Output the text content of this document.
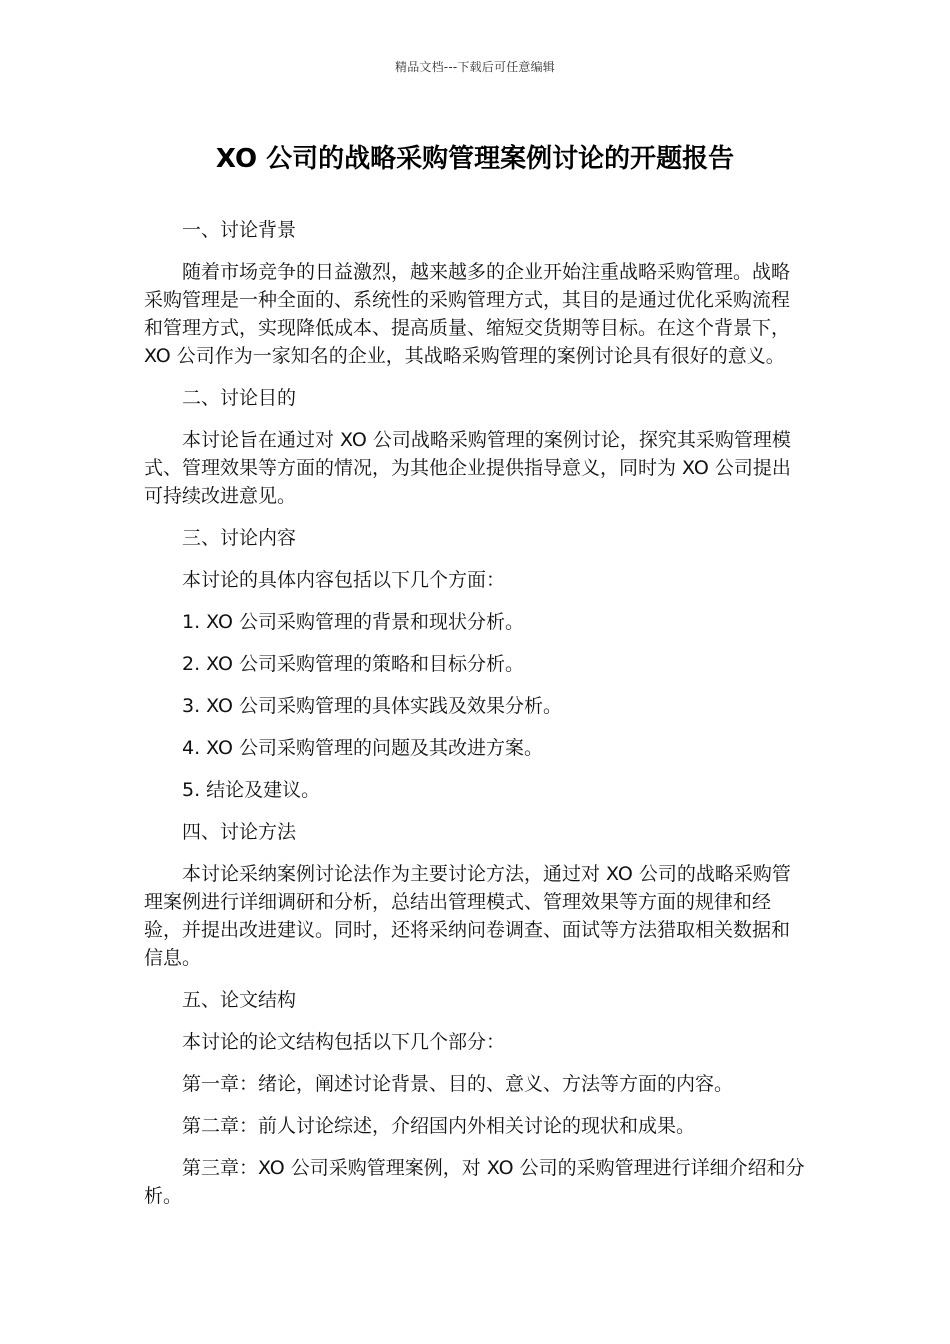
精品文档---下载后可任意编辑
XO 公司的战略采购管理案例讨论的开题报告

一、讨论背景

随着市场竞争的日益激烈，越来越多的企业开始注重战略采购管理。战略采购管理是一种全面的、系统性的采购管理方式，其目的是通过优化采购流程和管理方式，实现降低成本、提高质量、缩短交货期等目标。在这个背景下，XO 公司作为一家知名的企业，其战略采购管理的案例讨论具有很好的意义。

二、讨论目的

本讨论旨在通过对 XO 公司战略采购管理的案例讨论，探究其采购管理模式、管理效果等方面的情况，为其他企业提供指导意义，同时为 XO 公司提出可持续改进意见。

三、讨论内容

本讨论的具体内容包括以下几个方面：

1. XO 公司采购管理的背景和现状分析。

2. XO 公司采购管理的策略和目标分析。

3. XO 公司采购管理的具体实践及效果分析。

4. XO 公司采购管理的问题及其改进方案。

5. 结论及建议。

四、讨论方法

本讨论采纳案例讨论法作为主要讨论方法，通过对 XO 公司的战略采购管理案例进行详细调研和分析，总结出管理模式、管理效果等方面的规律和经验，并提出改进建议。同时，还将采纳问卷调查、面试等方法猎取相关数据和信息。

五、论文结构

本讨论的论文结构包括以下几个部分：

第一章：绪论，阐述讨论背景、目的、意义、方法等方面的内容。

第二章：前人讨论综述，介绍国内外相关讨论的现状和成果。

第三章：XO 公司采购管理案例，对 XO 公司的采购管理进行详细介绍和分析。
